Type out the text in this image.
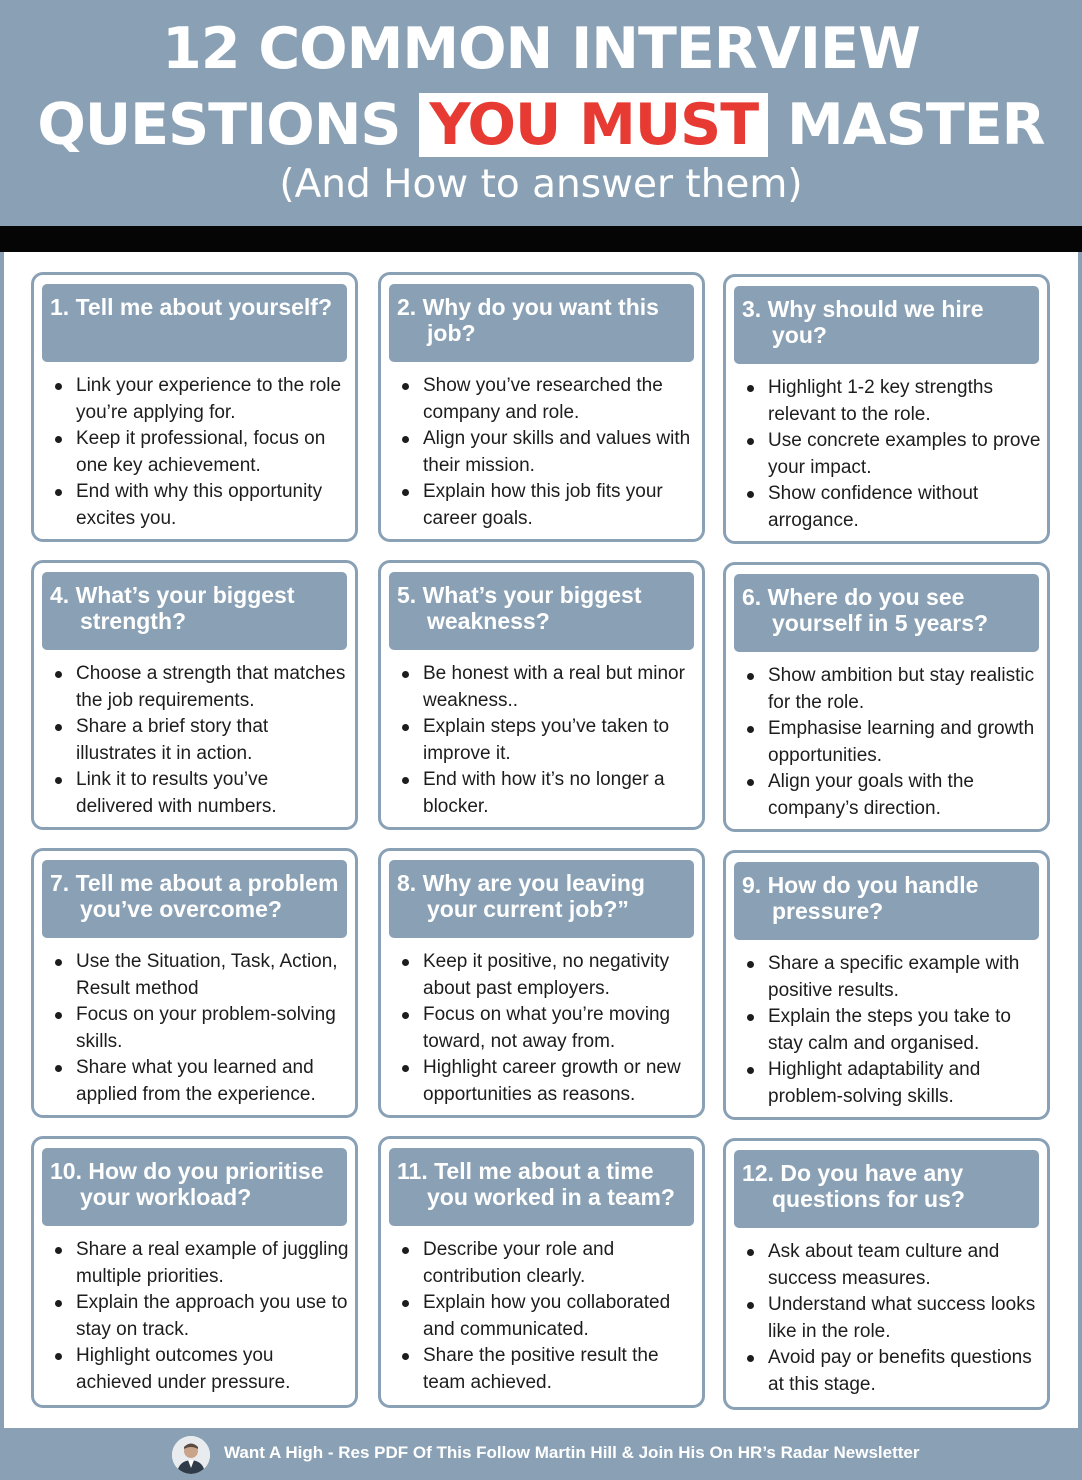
12 COMMON INTERVIEW
QUESTIONS YOU MUST MASTER
(And How to answer them)
1. Tell me about yourself?
Link your experience to the role you’re applying for.
Keep it professional, focus on one key achievement.
End with why this opportunity excites you.
2. Why do you want this job?
Show you’ve researched the company and role.
Align your skills and values with their mission.
Explain how this job fits your career goals.
3. Why should we hire you?
Highlight 1-2 key strengths relevant to the role.
Use concrete examples to prove your impact.
Show confidence without arrogance.
4. What’s your biggest strength?
Choose a strength that matches the job requirements.
Share a brief story that illustrates it in action.
Link it to results you’ve delivered with numbers.
5. What’s your biggest weakness?
Be honest with a real but minor weakness..
Explain steps you’ve taken to improve it.
End with how it’s no longer a blocker.
6. Where do you see yourself in 5 years?
Show ambition but stay realistic for the role.
Emphasise learning and growth opportunities.
Align your goals with the company’s direction.
7. Tell me about a problem you’ve overcome?
Use the Situation, Task, Action, Result method
Focus on your problem-solving skills.
Share what you learned and applied from the experience.
8. Why are you leaving your current job?”
Keep it positive, no negativity about past employers.
Focus on what you’re moving toward, not away from.
Highlight career growth or new opportunities as reasons.
9. How do you handle pressure?
Share a specific example with positive results.
Explain the steps you take to stay calm and organised.
Highlight adaptability and problem-solving skills.
10. How do you prioritise your workload?
Share a real example of juggling multiple priorities.
Explain the approach you use to stay on track.
Highlight outcomes you achieved under pressure.
11. Tell me about a time you worked in a team?
Describe your role and contribution clearly.
Explain how you collaborated and communicated.
Share the positive result the team achieved.
12. Do you have any questions for us?
Ask about team culture and success measures.
Understand what success looks like in the role.
Avoid pay or benefits questions at this stage.
Want A High - Res PDF Of This Follow Martin Hill & Join His On HR’s Radar Newsletter
